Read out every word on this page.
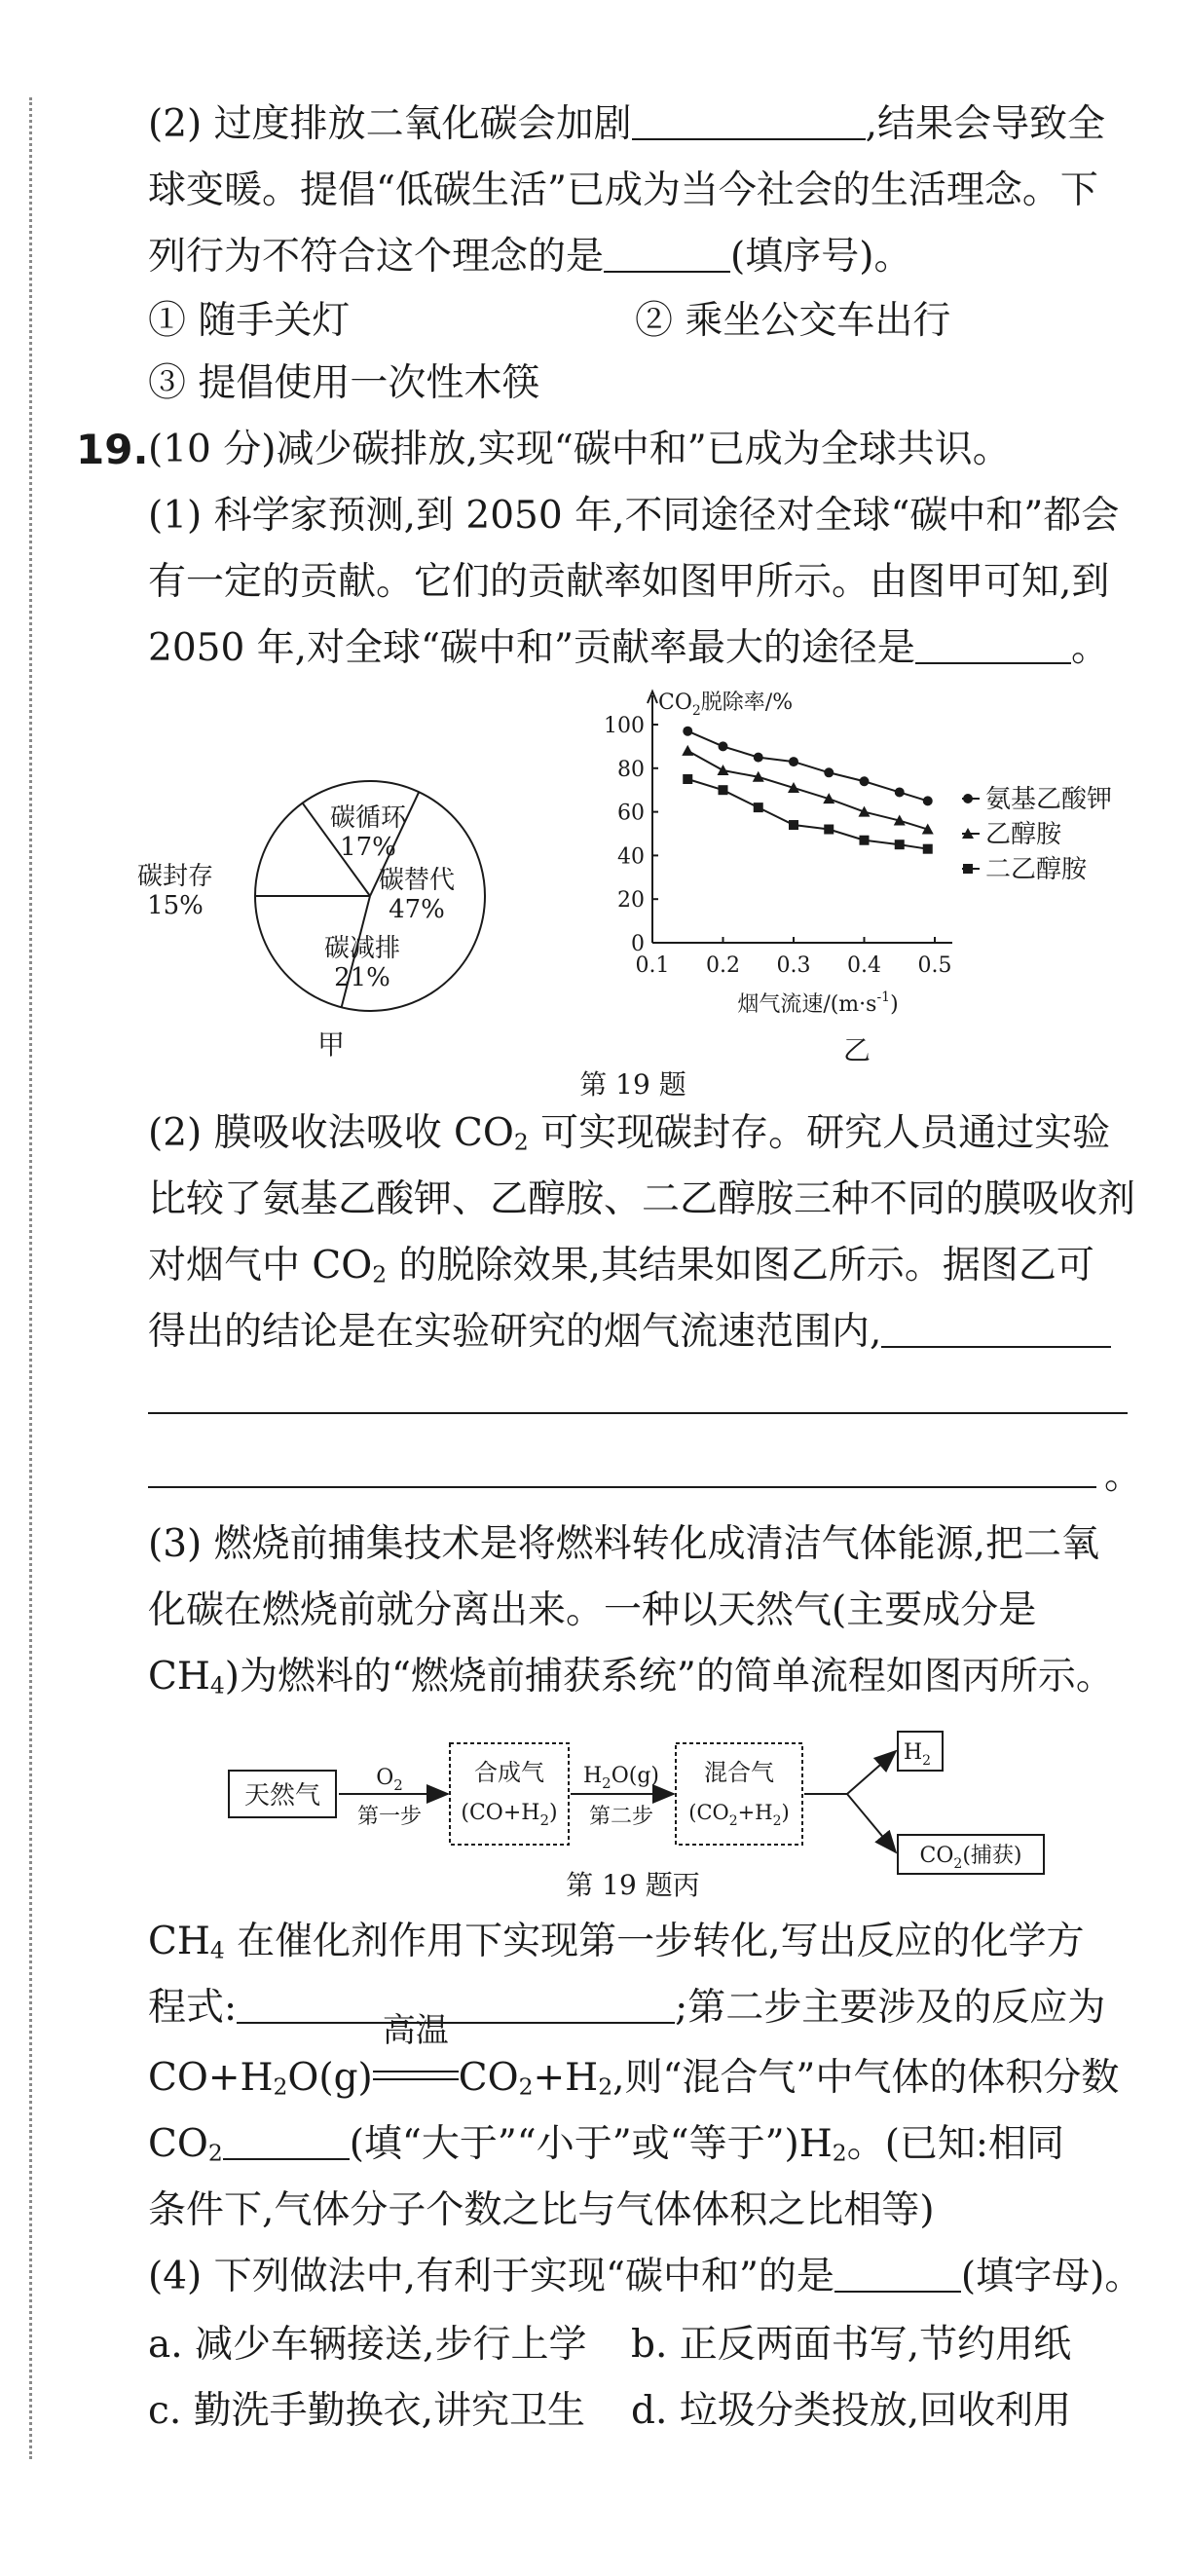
(2) 过度排放二氧化碳会加剧	,结果会导致全
球变暖。提倡“低碳生活”已成为当今社会的生活理念。下
列行为不符合这个理念的是	(填序号)。
① 随手关灯	② 乘坐公交车出行
③ 提倡使用一次性木筷
19. (10 分)减少碳排放,实现“碳中和”已成为全球共识。
(1) 科学家预测,到 2050 年,不同途径对全球“碳中和”都会
有一定的贡献。它们的贡献率如图甲所示。由图甲可知,到
2050 年,对全球“碳中和”贡献率最大的途径是	。
碳替代
47%
碳减排
21%
碳封存
15%
碳循环
17%
甲
0
20
40
60
80
100
0.1 0.2 0.3 0.4 0.5
$CO_2$脱除率/%
烟气流速$/(m\cdot s^{-1})$
氨基乙酸钾
乙醇胺
二乙醇胺
乙
第 19 题
(2) 膜吸收法吸收 $CO_2$ 可实现碳封存。研究人员通过实验
比较了氨基乙酸钾、乙醇胺、二乙醇胺三种不同的膜吸收剂
对烟气中 $CO_2$ 的脱除效果,其结果如图乙所示。据图乙可
得出的结论是在实验研究的烟气流速范围内,
。
(3) 燃烧前捕集技术是将燃料转化成清洁气体能源,把二氧
化碳在燃烧前就分离出来。一种以天然气(主要成分是
$CH_4$)为燃料的“燃烧前捕获系统”的简单流程如图丙所示。
天然气
$O_2$
第一步
合成气
$(CO+H_2)$
$H_2O(g)$
第二步
混合气
$(CO_2+H_2)$
$H_2$
$CO_2$(捕获)
第 19 题丙
$CH_4$ 在催化剂作用下实现第一步转化,写出反应的化学方
程式:	;第二步主要涉及的反应为
$CO+H_2O(g)$
高温
$CO_2+H_2$,则“混合气”中气体的体积分数
$CO_2$	(填“大于”“小于”或“等于$”)H_2$。(已知:相同
条件下,气体分子个数之比与气体体积之比相等)
(4) 下列做法中,有利于实现“碳中和”的是	(填字母)。
a. 减少车辆接送,步行上学 b. 正反两面书写,节约用纸
c. 勤洗手勤换衣,讲究卫生 d. 垃圾分类投放,回收利用
